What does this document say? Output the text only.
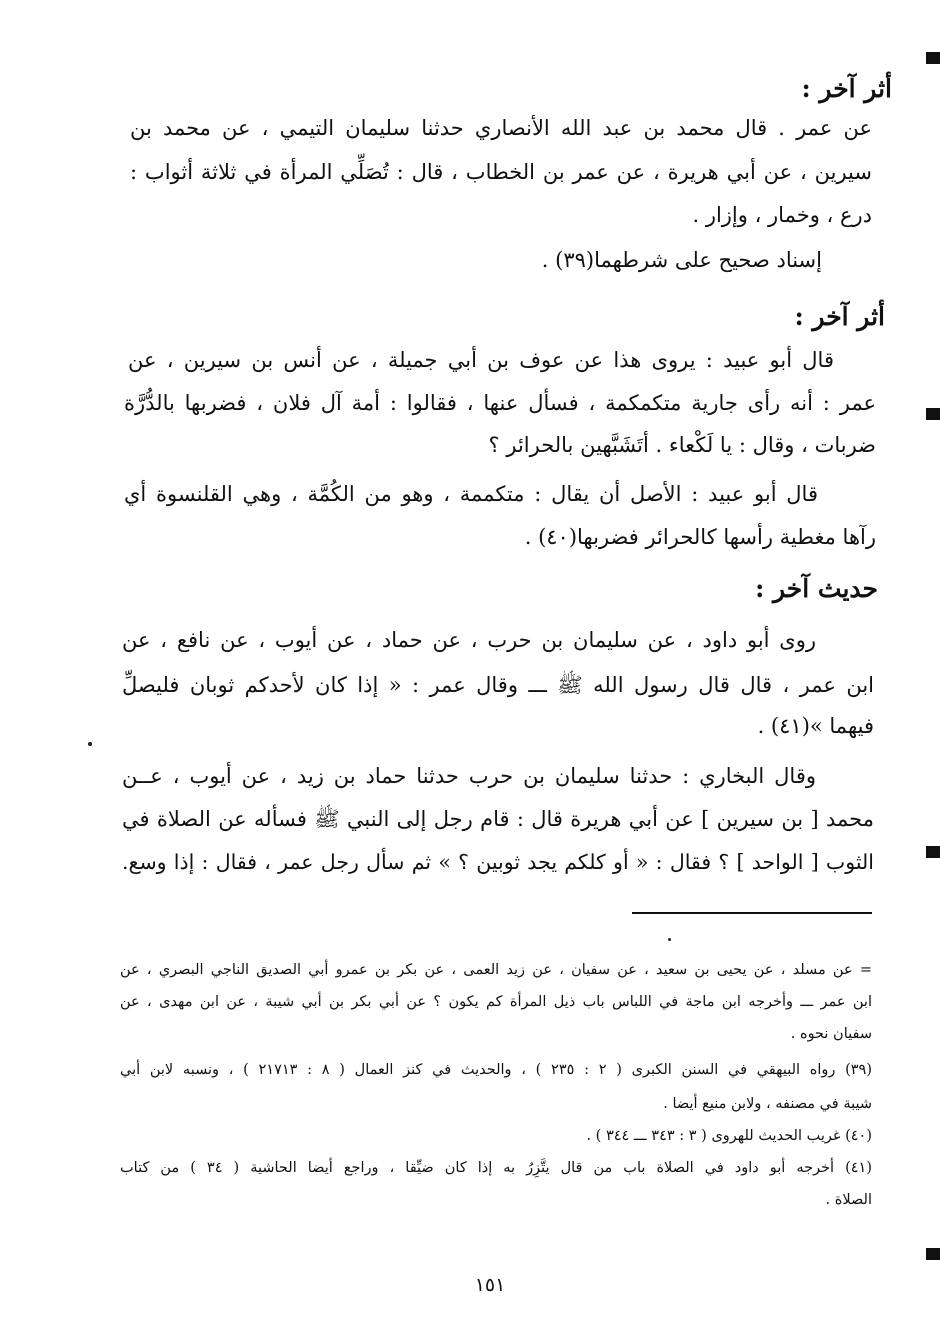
أثر آخر :
عن عمر . قال محمد بن عبد الله الأنصاري حدثنا سليمان التيمي ، عن محمد بن
سيرين ، عن أبي هريرة ، عن عمر بن الخطاب ، قال : تُصَلِّي المرأة في ثلاثة أثواب :
درع ، وخمار ، وإزار .
إسناد صحيح على شرطهما(٣٩) .
أثر آخر :
قال أبو عبيد : يروى هذا عن عوف بن أبي جميلة ، عن أنس بن سيرين ، عن
عمر : أنه رأى جارية متكمكمة ، فسأل عنها ، فقالوا : أمة آل فلان ، فضربها بالدُّرَّة
ضربات ، وقال : يا لَكْعاء . أتَشَبَّهين بالحرائر ؟
قال أبو عبيد : الأصل أن يقال : متكممة ، وهو من الكُمَّة ، وهي القلنسوة أي
رآها مغطية رأسها كالحرائر فضربها(٤٠) .
حديث آخر :
روى أبو داود ، عن سليمان بن حرب ، عن حماد ، عن أيوب ، عن نافع ، عن
ابن عمر ، قال قال رسول الله ﷺ ـــ وقال عمر : « إذا كان لأحدكم ثوبان فليصلِّ
فيهما »(٤١) .
وقال البخاري : حدثنا سليمان بن حرب حدثنا حماد بن زيد ، عن أيوب ، عــن
محمد [ بن سيرين ] عن أبي هريرة قال : قام رجل إلى النبي ﷺ فسأله عن الصلاة في
الثوب [ الواحد ] ؟ فقال : « أو كلكم يجد ثوبين ؟ » ثم سأل رجل عمر ، فقال : إذا وسع.
= عن مسلد ، عن يحيى بن سعيد ، عن سفيان ، عن زيد العمى ، عن بكر بن عمرو أبي الصديق الناجي البصري ، عن
ابن عمر ـــ وأخرجه ابن ماجة في اللباس باب ذيل المرأة كم يكون ؟ عن أبي بكر بن أبي شيبة ، عن ابن مهدى ، عن
سفيان نحوه .
(٣٩) رواه البيهقي في السنن الكبرى ( ٢ : ٢٣٥ ) ، والحديث في كنز العمال ( ٨ : ٢١٧١٣ ) ، ونسبه لابن أبي
شيبة في مصنفه ، ولابن منيع أيضا .
(٤٠) غريب الحديث للهروى ( ٣ : ٣٤٣ ـــ ٣٤٤ ) .
(٤١) أخرجه أبو داود في الصلاة باب من قال يتَّزِرُ به إذا كان ضيِّقا ، وراجع أيضا الحاشية ( ٣٤ ) من كتاب
الصلاة .
١٥١
